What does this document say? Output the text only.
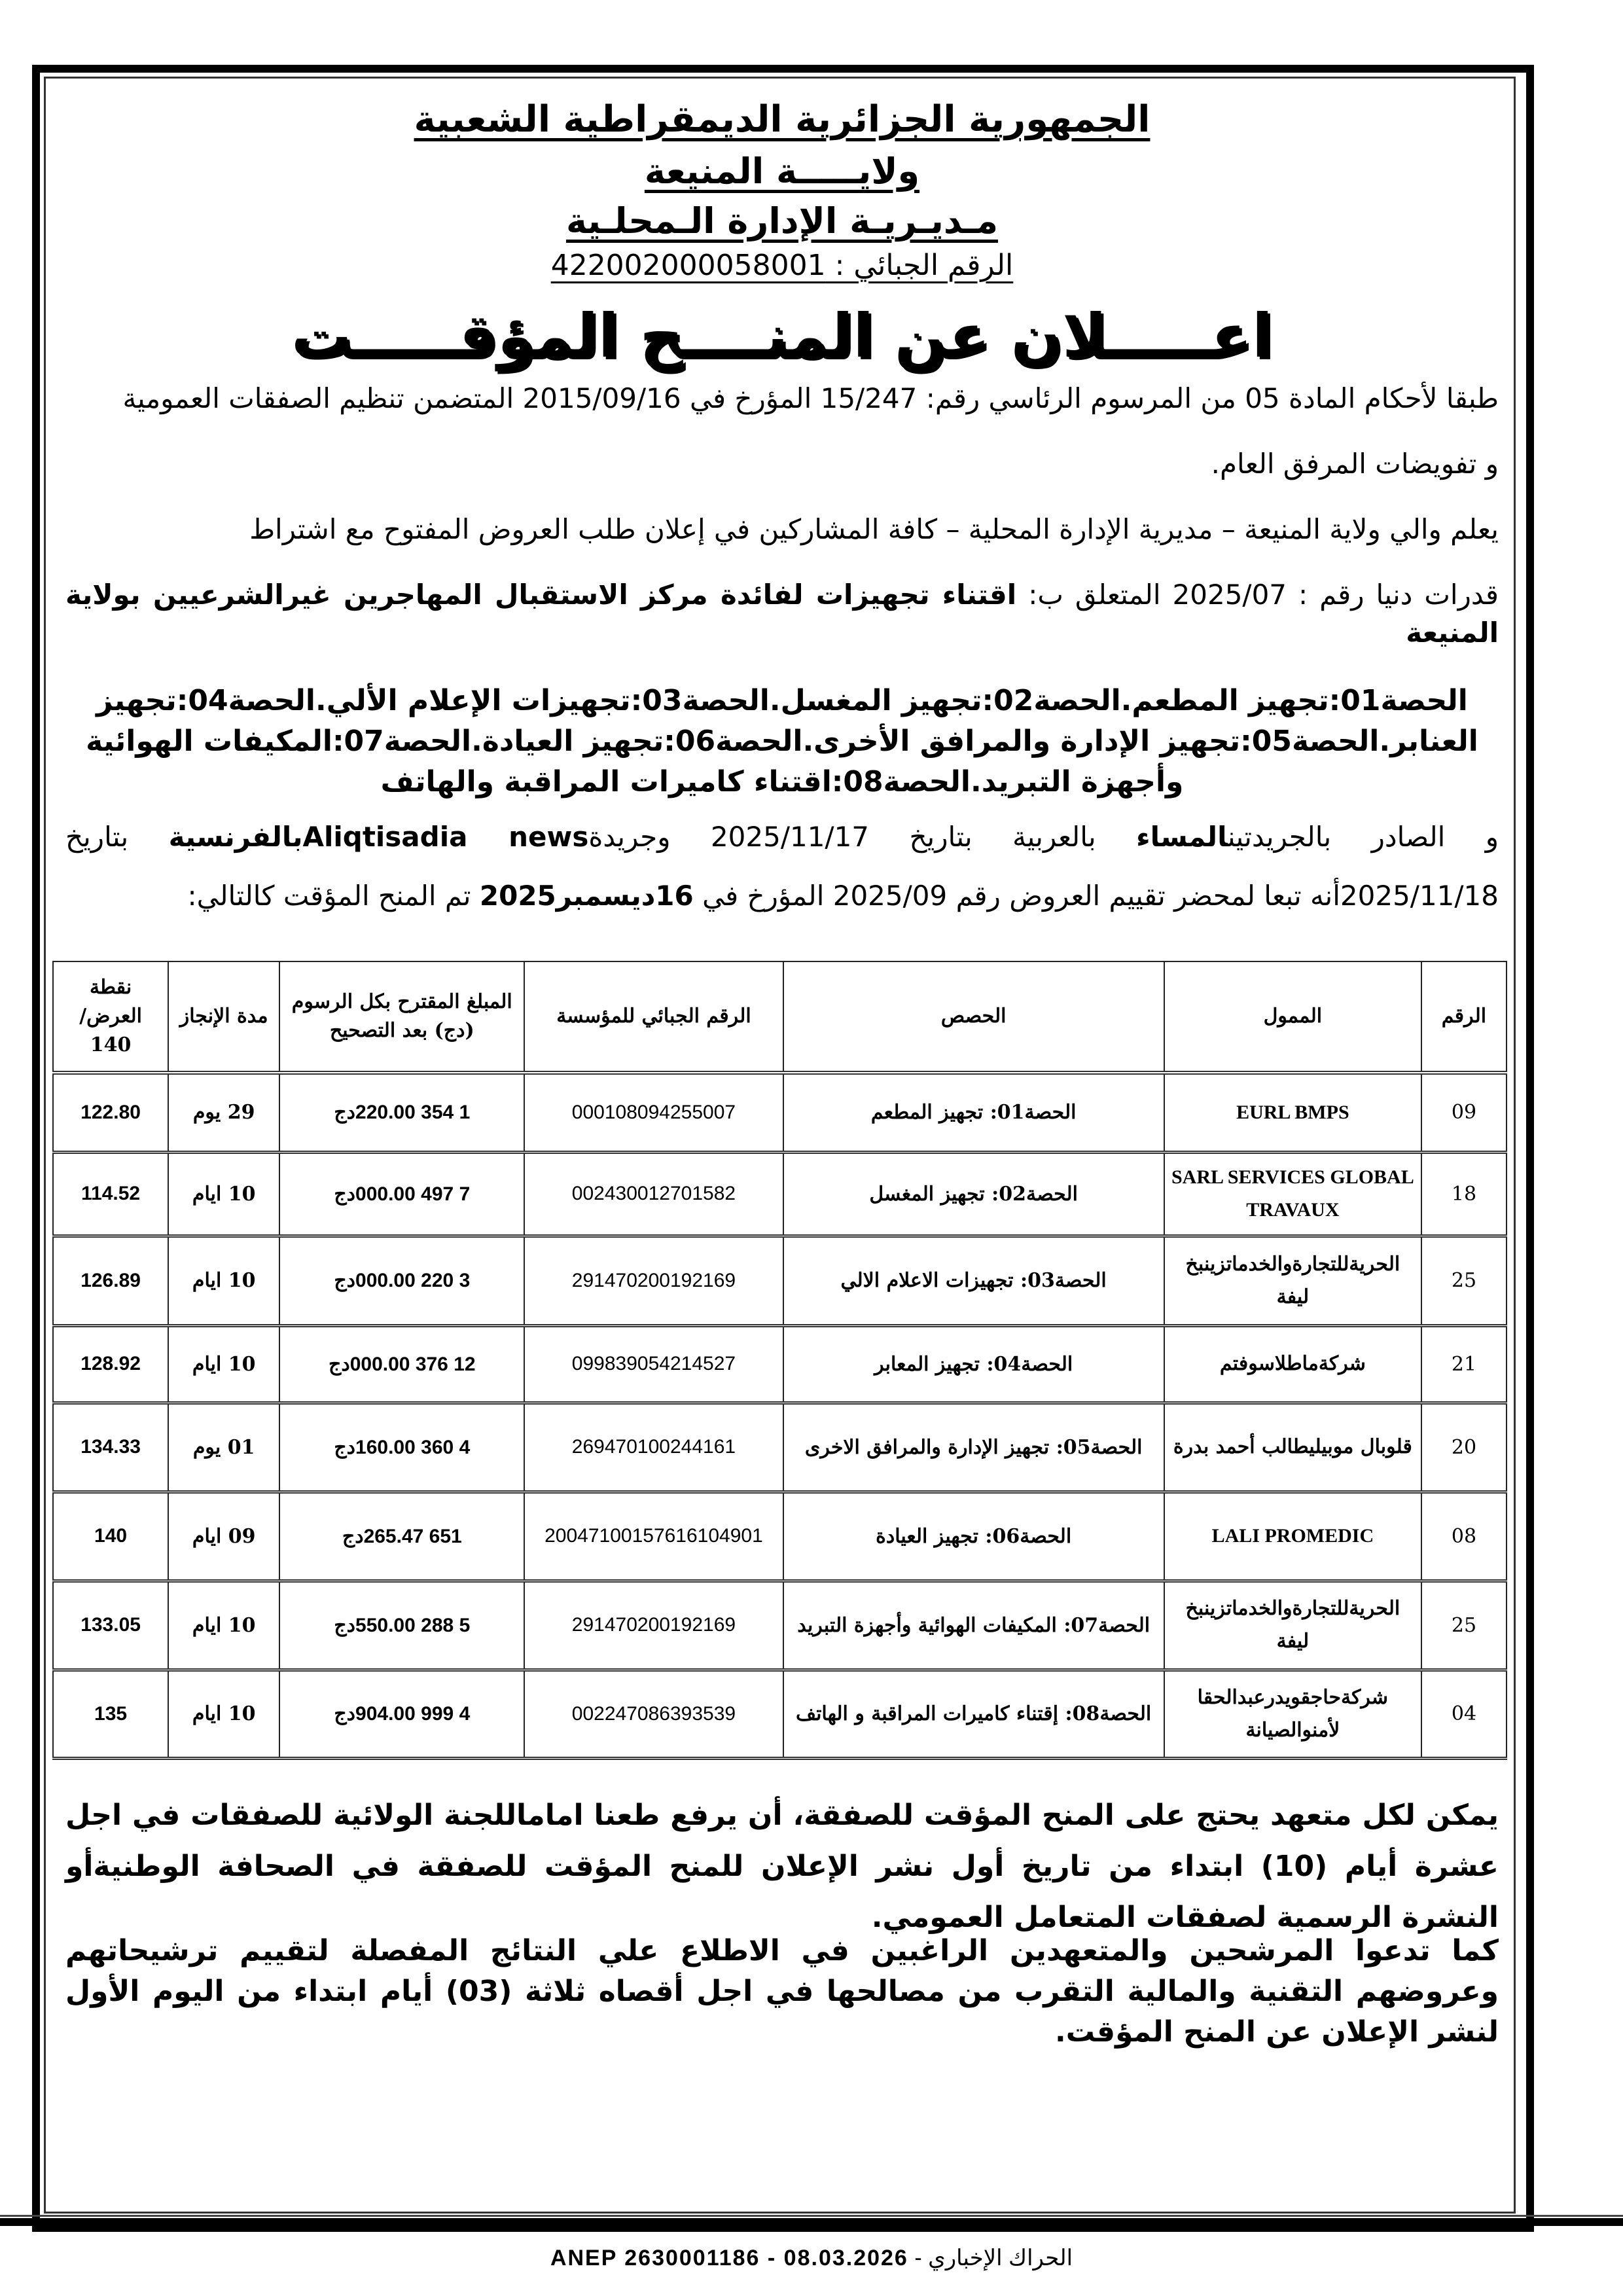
الجمهورية الجزائرية الديمقراطية الشعبية
ولايـــــة المنيعة
مـديـريـة الإدارة الـمحلـية
الرقم الجبائي : 422002000058001
اعـــــلان عن المنــــح المؤقـــــت
طبقا لأحكام المادة 05 من المرسوم الرئاسي رقم: 15/247 المؤرخ في 2015/09/16 المتضمن تنظيم الصفقات العمومية
و تفويضات المرفق العام.
يعلم والي ولاية المنيعة – مديرية الإدارة المحلية – كافة المشاركين في إعلان طلب العروض المفتوح مع اشتراط
قدرات دنيا رقم : 2025/07 المتعلق ب: اقتناء تجهيزات لفائدة مركز الاستقبال المهاجرين غيرالشرعيين بولاية المنيعة
الحصة01:تجهيز المطعم.الحصة02:تجهيز المغسل.الحصة03:تجهيزات الإعلام الألي.الحصة04:تجهيز العنابر.الحصة05:تجهيز الإدارة والمرافق الأخرى.الحصة06:تجهيز العيادة.الحصة07:المكيفات الهوائية وأجهزة التبريد.الحصة08:اقتناء كاميرات المراقبة والهاتف
و الصادر بالجريدتينالمساء بالعربية بتاريخ 2025/11/17 وجريدةAliqtisadia newsبالفرنسية بتاريخ
2025/11/18أنه تبعا لمحضر تقييم العروض رقم 2025/09 المؤرخ في 16ديسمبر2025 تم المنح المؤقت كالتالي:
الرقم	الممول	الحصص	الرقم الجبائي للمؤسسة	المبلغ المقترح بكل الرسوم (دج) بعد التصحيح	مدة الإنجاز	نقطة العرض/ 140
09	EURL BMPS	الحصة01: تجهيز المطعم	000108094255007	1 354 220.00دج	29 يوم	122.80
18	SARL SERVICES GLOBAL TRAVAUX	الحصة02: تجهيز المغسل	002430012701582	7 497 000.00دج	10 ايام	114.52
25	الحريةللتجارةوالخدماتزينبخ ليفة	الحصة03: تجهيزات الاعلام الالي	291470200192169	3 220 000.00دج	10 ايام	126.89
21	شركةماطلاسوفتم	الحصة04: تجهيز المعابر	099839054214527	12 376 000.00دج	10 ايام	128.92
20	قلوبال موبيليطالب أحمد بدرة	الحصة05: تجهيز الإدارة والمرافق الاخرى	269470100244161	4 360 160.00دج	01 يوم	134.33
08	LALI PROMEDIC	الحصة06: تجهيز العيادة	20047100157616104901	651 265.47دج	09 ايام	140
25	الحريةللتجارةوالخدماتزينبخ ليفة	الحصة07: المكيفات الهوائية وأجهزة التبريد	291470200192169	5 288 550.00دج	10 ايام	133.05
04	شركةحاجقويدرعبدالحقا لأمنوالصيانة	الحصة08: إقتناء كاميرات المراقبة و الهاتف	002247086393539	4 999 904.00دج	10 ايام	135
يمكن لكل متعهد يحتج على المنح المؤقت للصفقة، أن يرفع طعنا اماماللجنة الولائية للصفقات في اجل عشرة أيام (10) ابتداء من تاريخ أول نشر الإعلان للمنح المؤقت للصفقة في الصحافة الوطنيةأو النشرة الرسمية لصفقات المتعامل العمومي.
كما تدعوا المرشحين والمتعهدين الراغبين في الاطلاع علي النتائج المفصلة لتقييم ترشيحاتهم وعروضهم التقنية والمالية التقرب من مصالحها في اجل أقصاه ثلاثة (03) أيام ابتداء من اليوم الأول لنشر الإعلان عن المنح المؤقت.
ANEP 2630001186 - 08.03.2026 - الحراك الإخباري
